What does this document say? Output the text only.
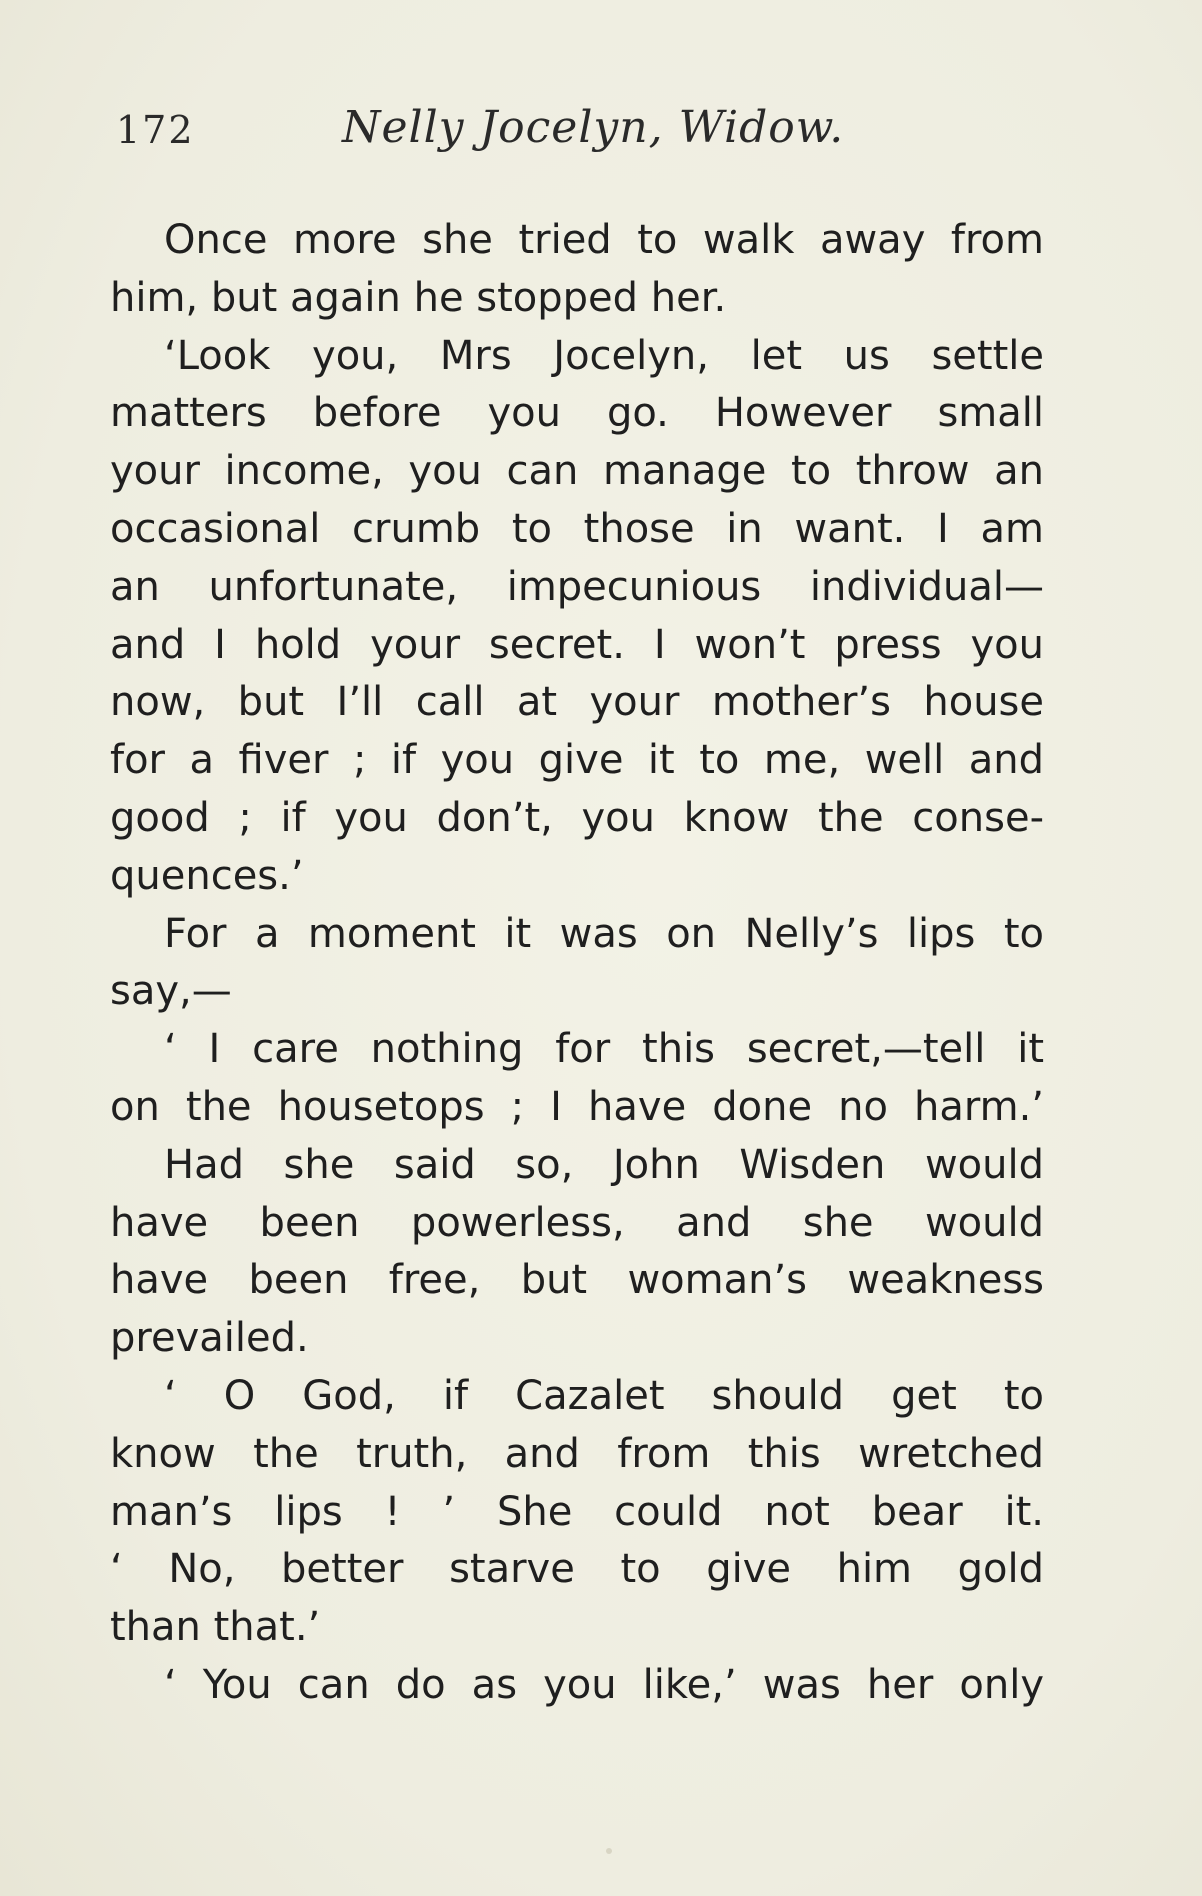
172	Nelly Jocelyn, Widow.
Once more she tried to walk away from
him, but again he stopped her.
‘Look you, Mrs Jocelyn, let us settle
matters before you go. However small
your income, you can manage to throw an
occasional crumb to those in want. I am
an unfortunate, impecunious individual—
and I hold your secret. I won’t press you
now, but I’ll call at your mother’s house
for a fiver ; if you give it to me, well and
good ; if you don’t, you know the conse-
quences.’
For a moment it was on Nelly’s lips to
say,—
‘ I care nothing for this secret,—tell it
on the housetops ; I have done no harm.’
Had she said so, John Wisden would
have been powerless, and she would
have been free, but woman’s weakness
prevailed.
‘ O God, if Cazalet should get to
know the truth, and from this wretched
man’s lips ! ’ She could not bear it.
‘ No, better starve to give him gold
than that.’
‘ You can do as you like,’ was her only
